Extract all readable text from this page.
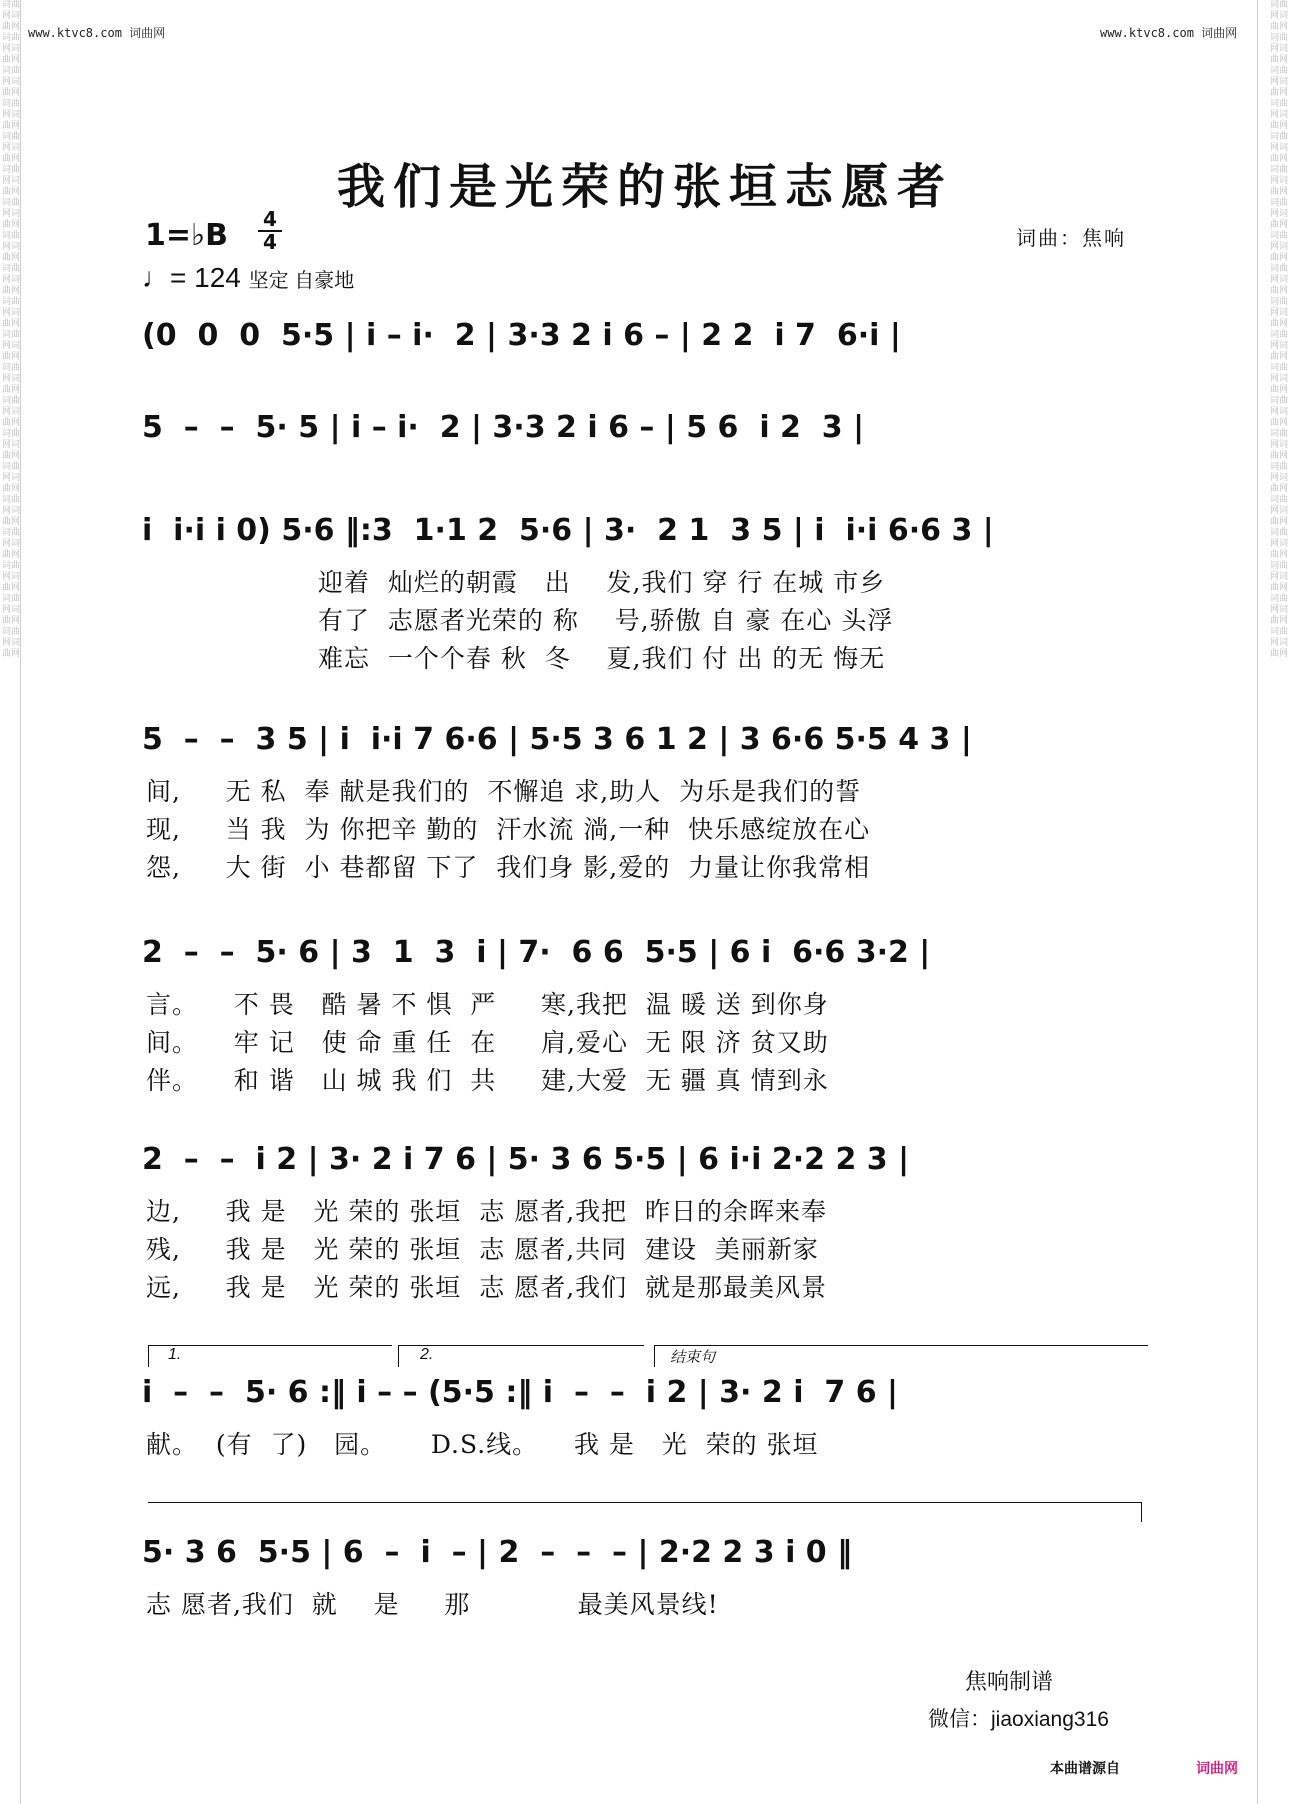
词曲网词曲网词曲网词曲网词曲网词曲网词曲网词曲网词曲网词曲网词曲网词曲网词曲网词曲网词曲网词曲网词曲网词曲网词曲网词曲网词曲网词曲网词曲网词曲网词曲网词曲网词曲网词曲网词曲网词曲网词曲网词曲网词曲网词曲网词曲网词曲网词曲网词曲网词曲网词曲网
词曲网词曲网词曲网词曲网词曲网词曲网词曲网词曲网词曲网词曲网词曲网词曲网词曲网词曲网词曲网词曲网词曲网词曲网词曲网词曲网词曲网词曲网词曲网词曲网词曲网词曲网词曲网词曲网词曲网词曲网词曲网词曲网词曲网词曲网词曲网词曲网词曲网词曲网词曲网词曲网
www.ktvc8.com 词曲网	www.ktvc8.com 词曲网
我们是光荣的张垣志愿者
1=♭B 4
4
♩= 124 坚定 自豪地
词曲：焦响
(0  0  0  5·5 | i – i·  2 | 3·3 2 i 6 – | 2 2  i 7  6·i |
5  –  –  5· 5 | i – i·  2 | 3·3 2 i 6 – | 5 6  i 2  3 |
i  i·i i 0) 5·6 ‖:3  1·1 2  5·6 | 3·  2 1  3 5 | i  i·i 6·6 3 |
迎着  灿烂的朝霞   出    发,我们 穿 行 在城 市乡
有了  志愿者光荣的 称    号,骄傲 自 豪 在心 头浮
难忘  一个个春 秋  冬    夏,我们 付 出 的无 悔无
5  –  –  3 5 | i  i·i 7 6·6 | 5·5 3 6 1 2 | 3 6·6 5·5 4 3 |
间,     无 私  奉 献是我们的  不懈追 求,助人  为乐是我们的誓
现,     当 我  为 你把辛 勤的  汗水流 淌,一种  快乐感绽放在心
怨,     大 街  小 巷都留 下了  我们身 影,爱的  力量让你我常相
2  –  –  5· 6 | 3  1  3  i | 7·  6 6  5·5 | 6 i  6·6 3·2 |
言。    不 畏   酷 暑 不 惧  严     寒,我把  温 暖 送 到你身
间。    牢 记   使 命 重 任  在     肩,爱心  无 限 济 贫又助
伴。    和 谐   山 城 我 们  共     建,大爱  无 疆 真 情到永
2  –  –  i 2 | 3· 2 i 7 6 | 5· 3 6 5·5 | 6 i·i 2·2 2 3 |
边,     我 是   光 荣的 张垣  志 愿者,我把  昨日的余晖来奉
残,     我 是   光 荣的 张垣  志 愿者,共同  建设  美丽新家
远,     我 是   光 荣的 张垣  志 愿者,我们  就是那最美风景
i  –  –  5· 6 :‖ i – – (5·5 :‖ i  –  –  i 2 | 3· 2 i  7 6 |
献。  (有  了)   园。     D.S.线。    我 是   光  荣的 张垣
5· 3 6  5·5 | 6  –  i  – | 2  –  –  – | 2·2 2 3 i 0 ‖
志 愿者,我们  就    是     那            最美风景线!
1.	2.	结束句
焦响制谱
微信：jiaoxiang316
本曲谱源自	词曲网
